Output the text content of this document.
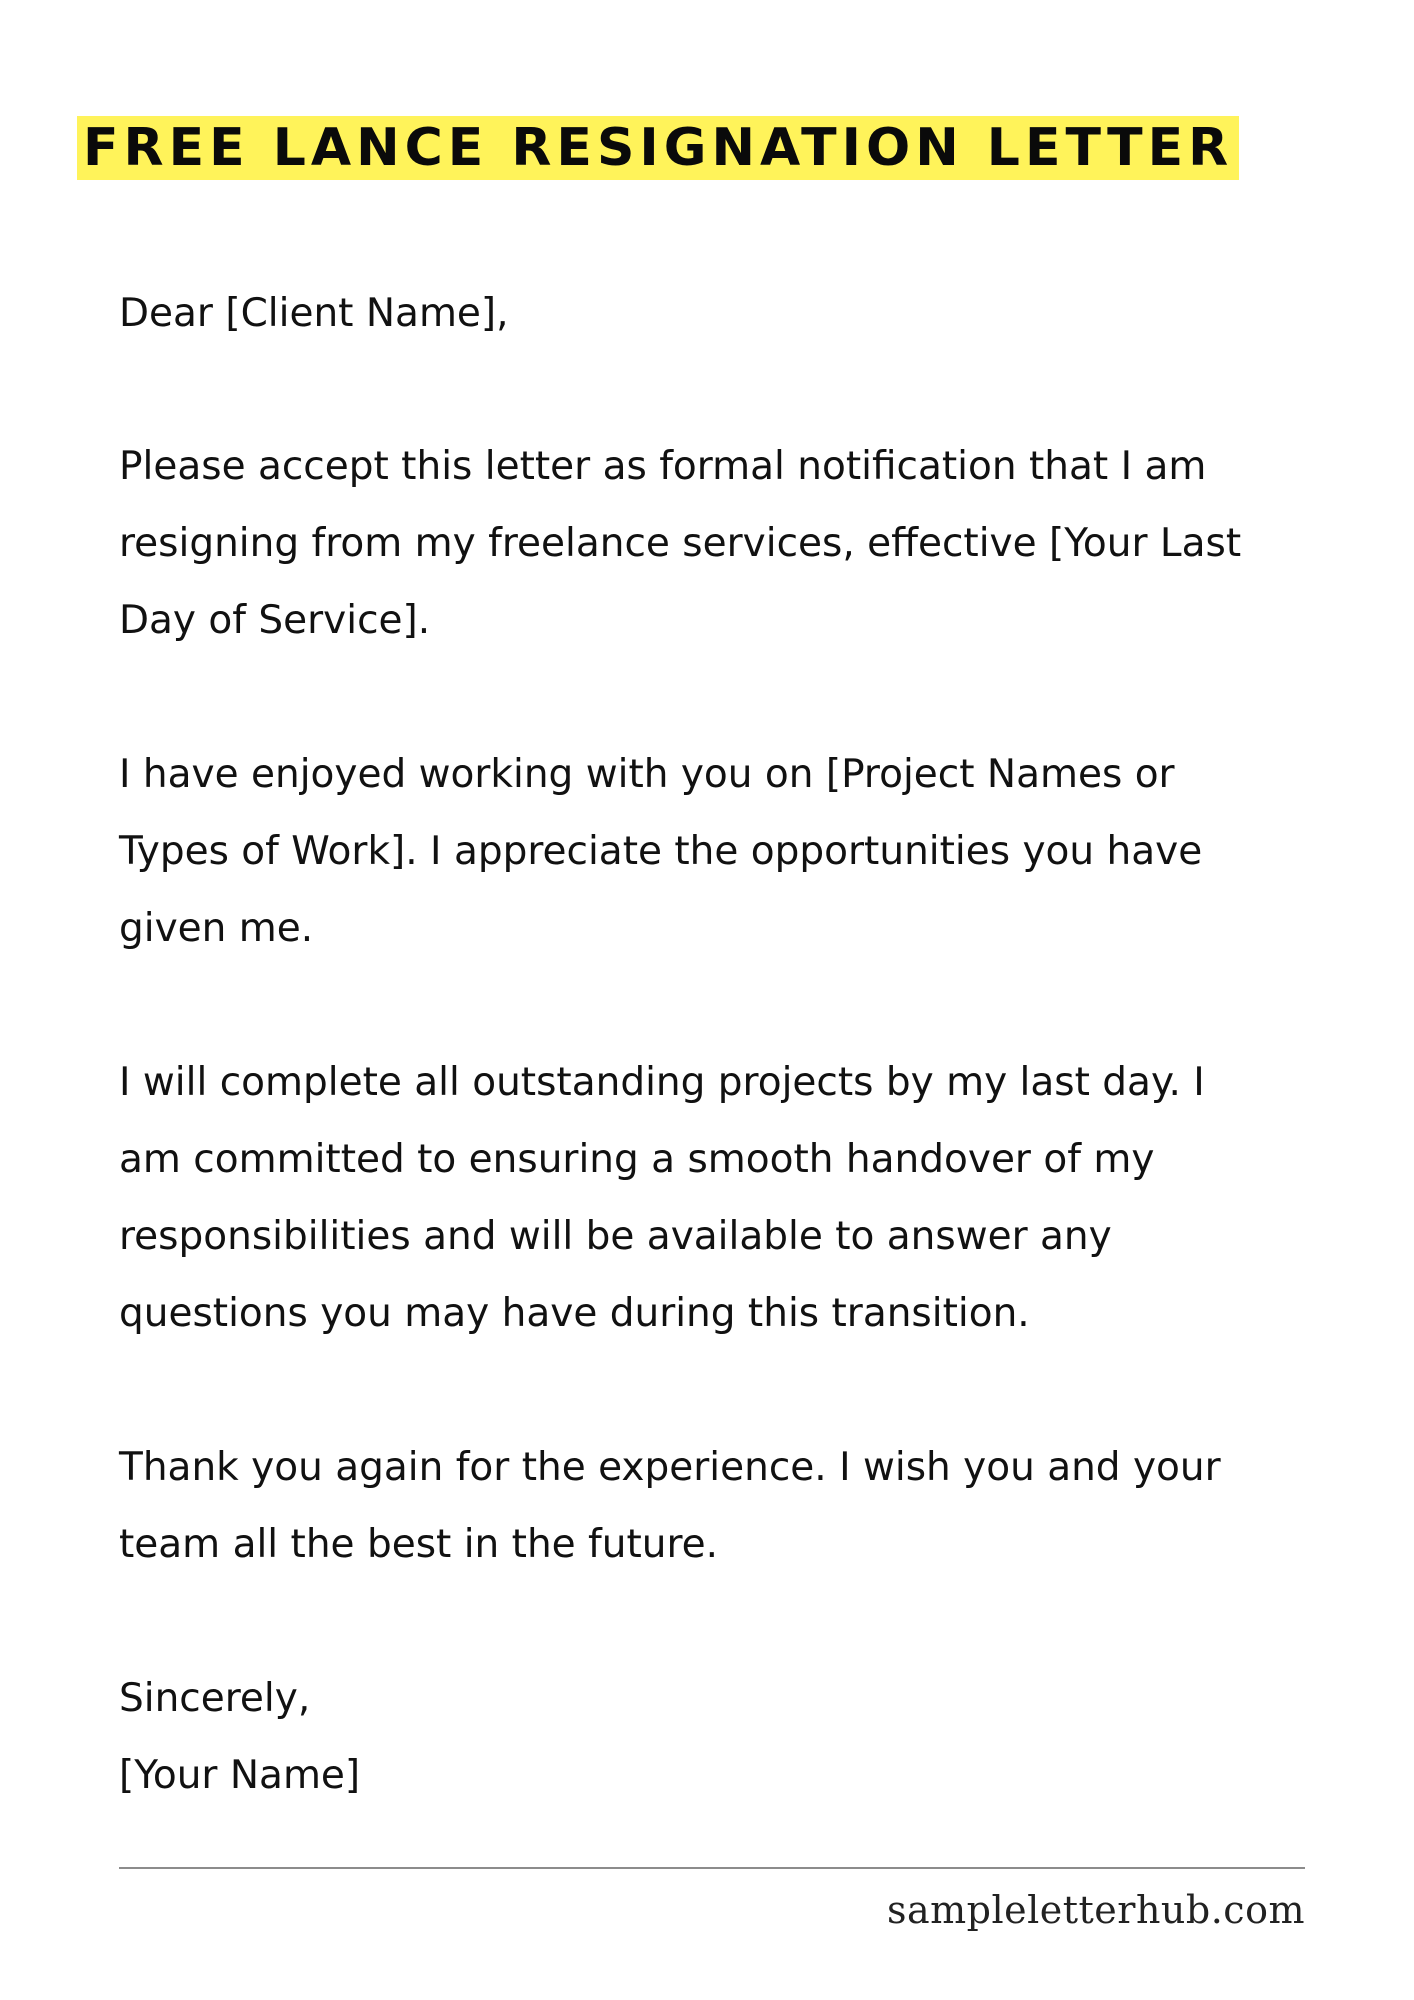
FREE LANCE RESIGNATION LETTER

Dear [Client Name],

Please accept this letter as formal notification that I am
resigning from my freelance services, effective [Your Last
Day of Service].

I have enjoyed working with you on [Project Names or
Types of Work]. I appreciate the opportunities you have
given me.

I will complete all outstanding projects by my last day. I
am committed to ensuring a smooth handover of my
responsibilities and will be available to answer any
questions you may have during this transition.

Thank you again for the experience. I wish you and your
team all the best in the future.

Sincerely,
[Your Name]

sampleletterhub.com
